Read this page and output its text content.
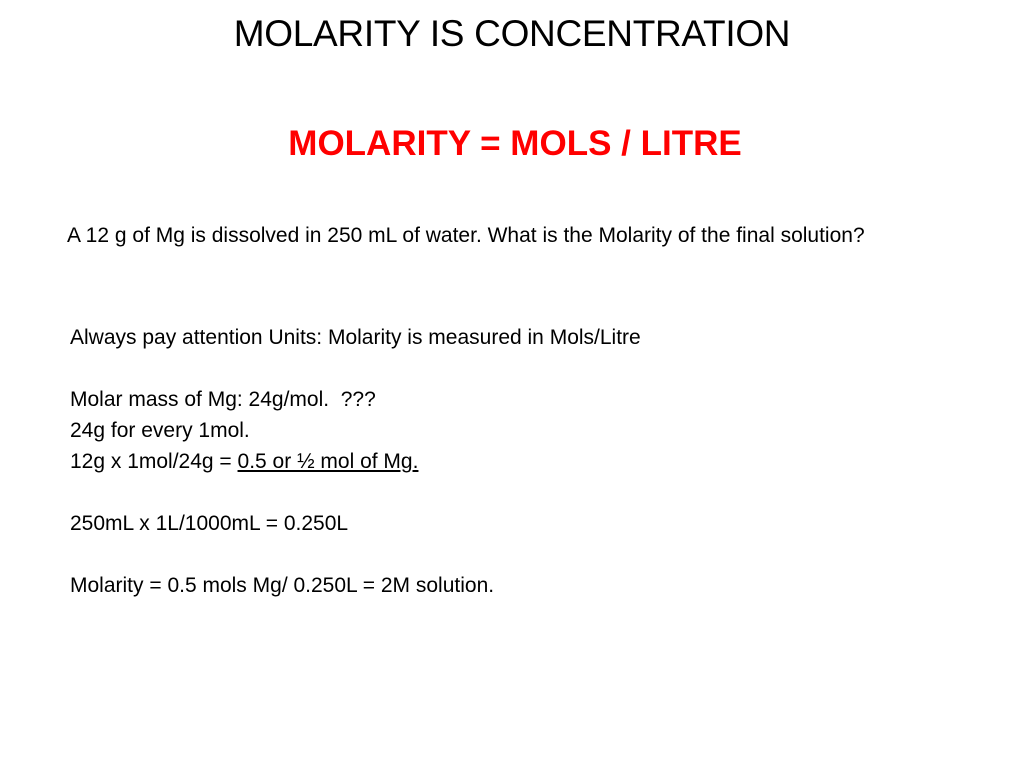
MOLARITY IS CONCENTRATION
MOLARITY = MOLS / LITRE
A 12 g of Mg is dissolved in 250 mL of water. What is the Molarity of the final solution?
Always pay attention Units: Molarity is measured in Mols/Litre
Molar mass of Mg: 24g/mol.  ???
24g for every 1mol.
12g x 1mol/24g = 0.5 or ½ mol of Mg.
250mL x 1L/1000mL = 0.250L
Molarity = 0.5 mols Mg/ 0.250L = 2M solution.
